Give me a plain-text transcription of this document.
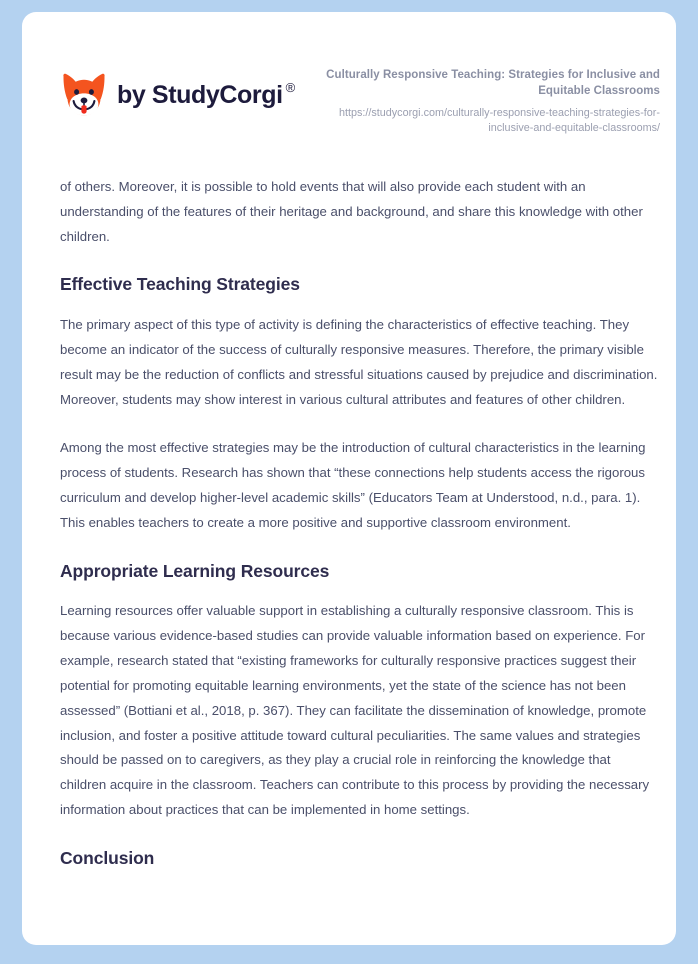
by StudyCorgi ®
Culturally Responsive Teaching: Strategies for Inclusive and Equitable Classrooms
https://studycorgi.com/culturally-responsive-teaching-strategies-for-inclusive-and-equitable-classrooms/

of others. Moreover, it is possible to hold events that will also provide each student with an understanding of the features of their heritage and background, and share this knowledge with other children.

Effective Teaching Strategies

The primary aspect of this type of activity is defining the characteristics of effective teaching. They become an indicator of the success of culturally responsive measures. Therefore, the primary visible result may be the reduction of conflicts and stressful situations caused by prejudice and discrimination. Moreover, students may show interest in various cultural attributes and features of other children.

Among the most effective strategies may be the introduction of cultural characteristics in the learning process of students. Research has shown that “these connections help students access the rigorous curriculum and develop higher-level academic skills” (Educators Team at Understood, n.d., para. 1). This enables teachers to create a more positive and supportive classroom environment.

Appropriate Learning Resources

Learning resources offer valuable support in establishing a culturally responsive classroom. This is because various evidence-based studies can provide valuable information based on experience. For example, research stated that “existing frameworks for culturally responsive practices suggest their potential for promoting equitable learning environments, yet the state of the science has not been assessed” (Bottiani et al., 2018, p. 367). They can facilitate the dissemination of knowledge, promote inclusion, and foster a positive attitude toward cultural peculiarities. The same values and strategies should be passed on to caregivers, as they play a crucial role in reinforcing the knowledge that children acquire in the classroom. Teachers can contribute to this process by providing the necessary information about practices that can be implemented in home settings.

Conclusion
